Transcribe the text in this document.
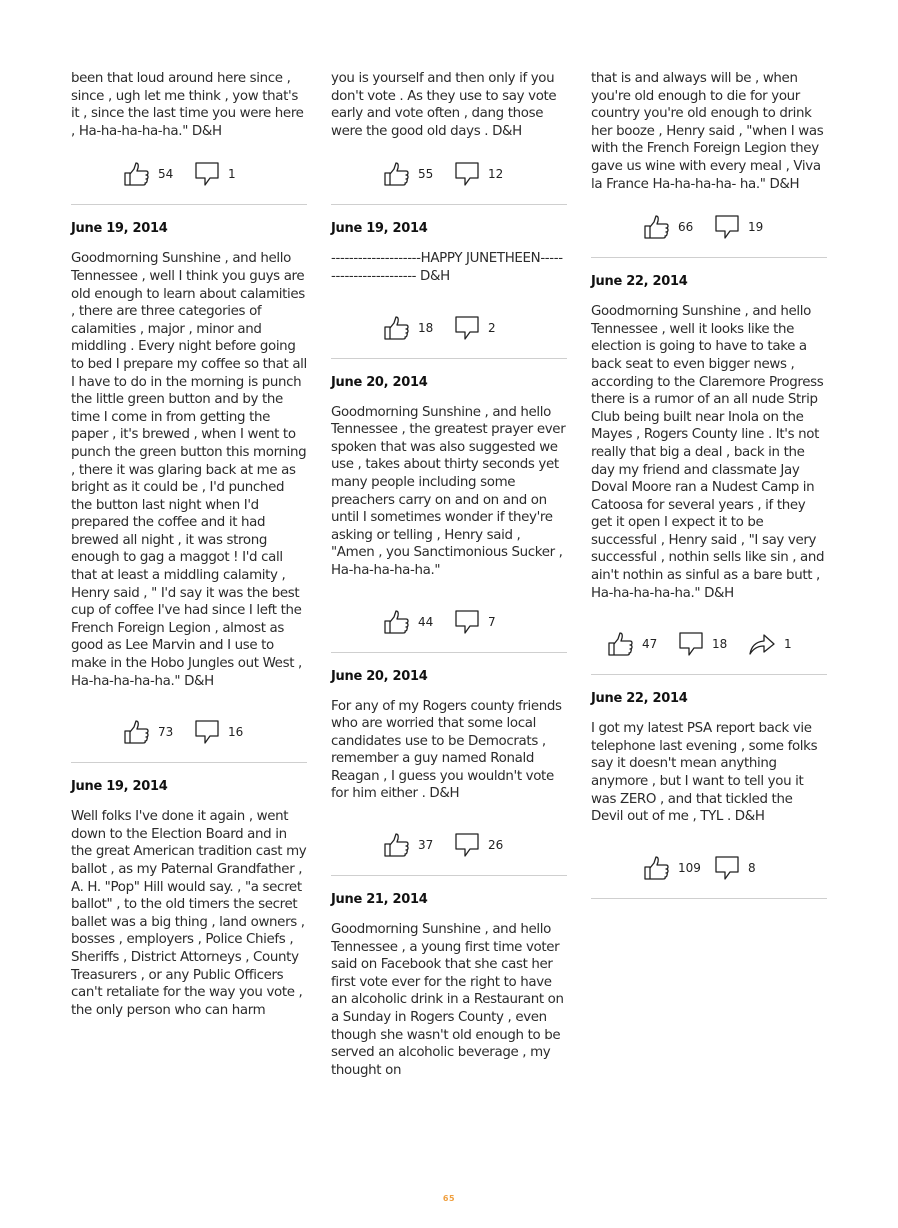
been that loud around here since , since , ugh let me think , yow that's it , since the last time you were here , Ha-ha-ha-ha-ha." D&H

54	1

June 19, 2014

Goodmorning Sunshine , and hello Tennessee , well I think you guys are old enough to learn about calamities , there are three categories of calamities , major , minor and middling . Every night before going to bed I prepare my coffee so that all I have to do in the morning is punch the little green button and by the time I come in from getting the paper , it's brewed , when I went to punch the green button this morning , there it was glaring back at me as bright as it could be , I'd punched the button last night when I'd prepared the coffee and it had brewed all night , it was strong enough to gag a maggot ! I'd call that at least a middling calamity , Henry said , " I'd say it was the best cup of coffee I've had since I left the French Foreign Legion , almost as good as Lee Marvin and I use to make in the Hobo Jungles out West , Ha-ha-ha-ha-ha." D&H

73	16

June 19, 2014

Well folks I've done it again , went down to the Election Board and in the great American tradition cast my ballot , as my Paternal Grandfather , A. H. "Pop" Hill would say. , "a secret ballot" , to the old timers the secret ballet was a big thing , land owners , bosses , employers , Police Chiefs , Sheriffs , District Attorneys , County Treasurers , or any Public Officers can't retaliate for the way you vote , the only person who can harm

you is yourself and then only if you don't vote . As they use to say vote early and vote often , dang those were the good old days . D&H

55	12

June 19, 2014

--------------------HAPPY JUNETHEEN------------------------ D&H

18	2

June 20, 2014

Goodmorning Sunshine , and hello Tennessee , the greatest prayer ever spoken that was also suggested we use , takes about thirty seconds yet many people including some preachers carry on and on and on until I sometimes wonder if they're asking or telling , Henry said , "Amen , you Sanctimonious Sucker , Ha-ha-ha-ha-ha."

44	7

June 20, 2014

For any of my Rogers county friends who are worried that some local candidates use to be Democrats , remember a guy named Ronald Reagan , I guess you wouldn't vote for him either . D&H

37	26

June 21, 2014

Goodmorning Sunshine , and hello Tennessee , a young first time voter said on Facebook that she cast her first vote ever for the right to have an alcoholic drink in a Restaurant on a Sunday in Rogers County , even though she wasn't old enough to be served an alcoholic beverage , my thought on

that is and always will be , when you're old enough to die for your country you're old enough to drink her booze , Henry said , "when I was with the French Foreign Legion they gave us wine with every meal , Viva la France Ha-ha-ha-ha- ha." D&H

66	19

June 22, 2014

Goodmorning Sunshine , and hello Tennessee , well it looks like the election is going to have to take a back seat to even bigger news , according to the Claremore Progress there is a rumor of an all nude Strip Club being built near Inola on the Mayes , Rogers County line . It's not really that big a deal , back in the day my friend and classmate Jay Doval Moore ran a Nudest Camp in Catoosa for several years , if they get it open I expect it to be successful , Henry said , "I say very successful , nothin sells like sin , and ain't nothin as sinful as a bare butt , Ha-ha-ha-ha-ha." D&H

47	18	1

June 22, 2014

I got my latest PSA report back vie telephone last evening , some folks say it doesn't mean anything anymore , but I want to tell you it was ZERO , and that tickled the Devil out of me , TYL . D&H

109	8
65
